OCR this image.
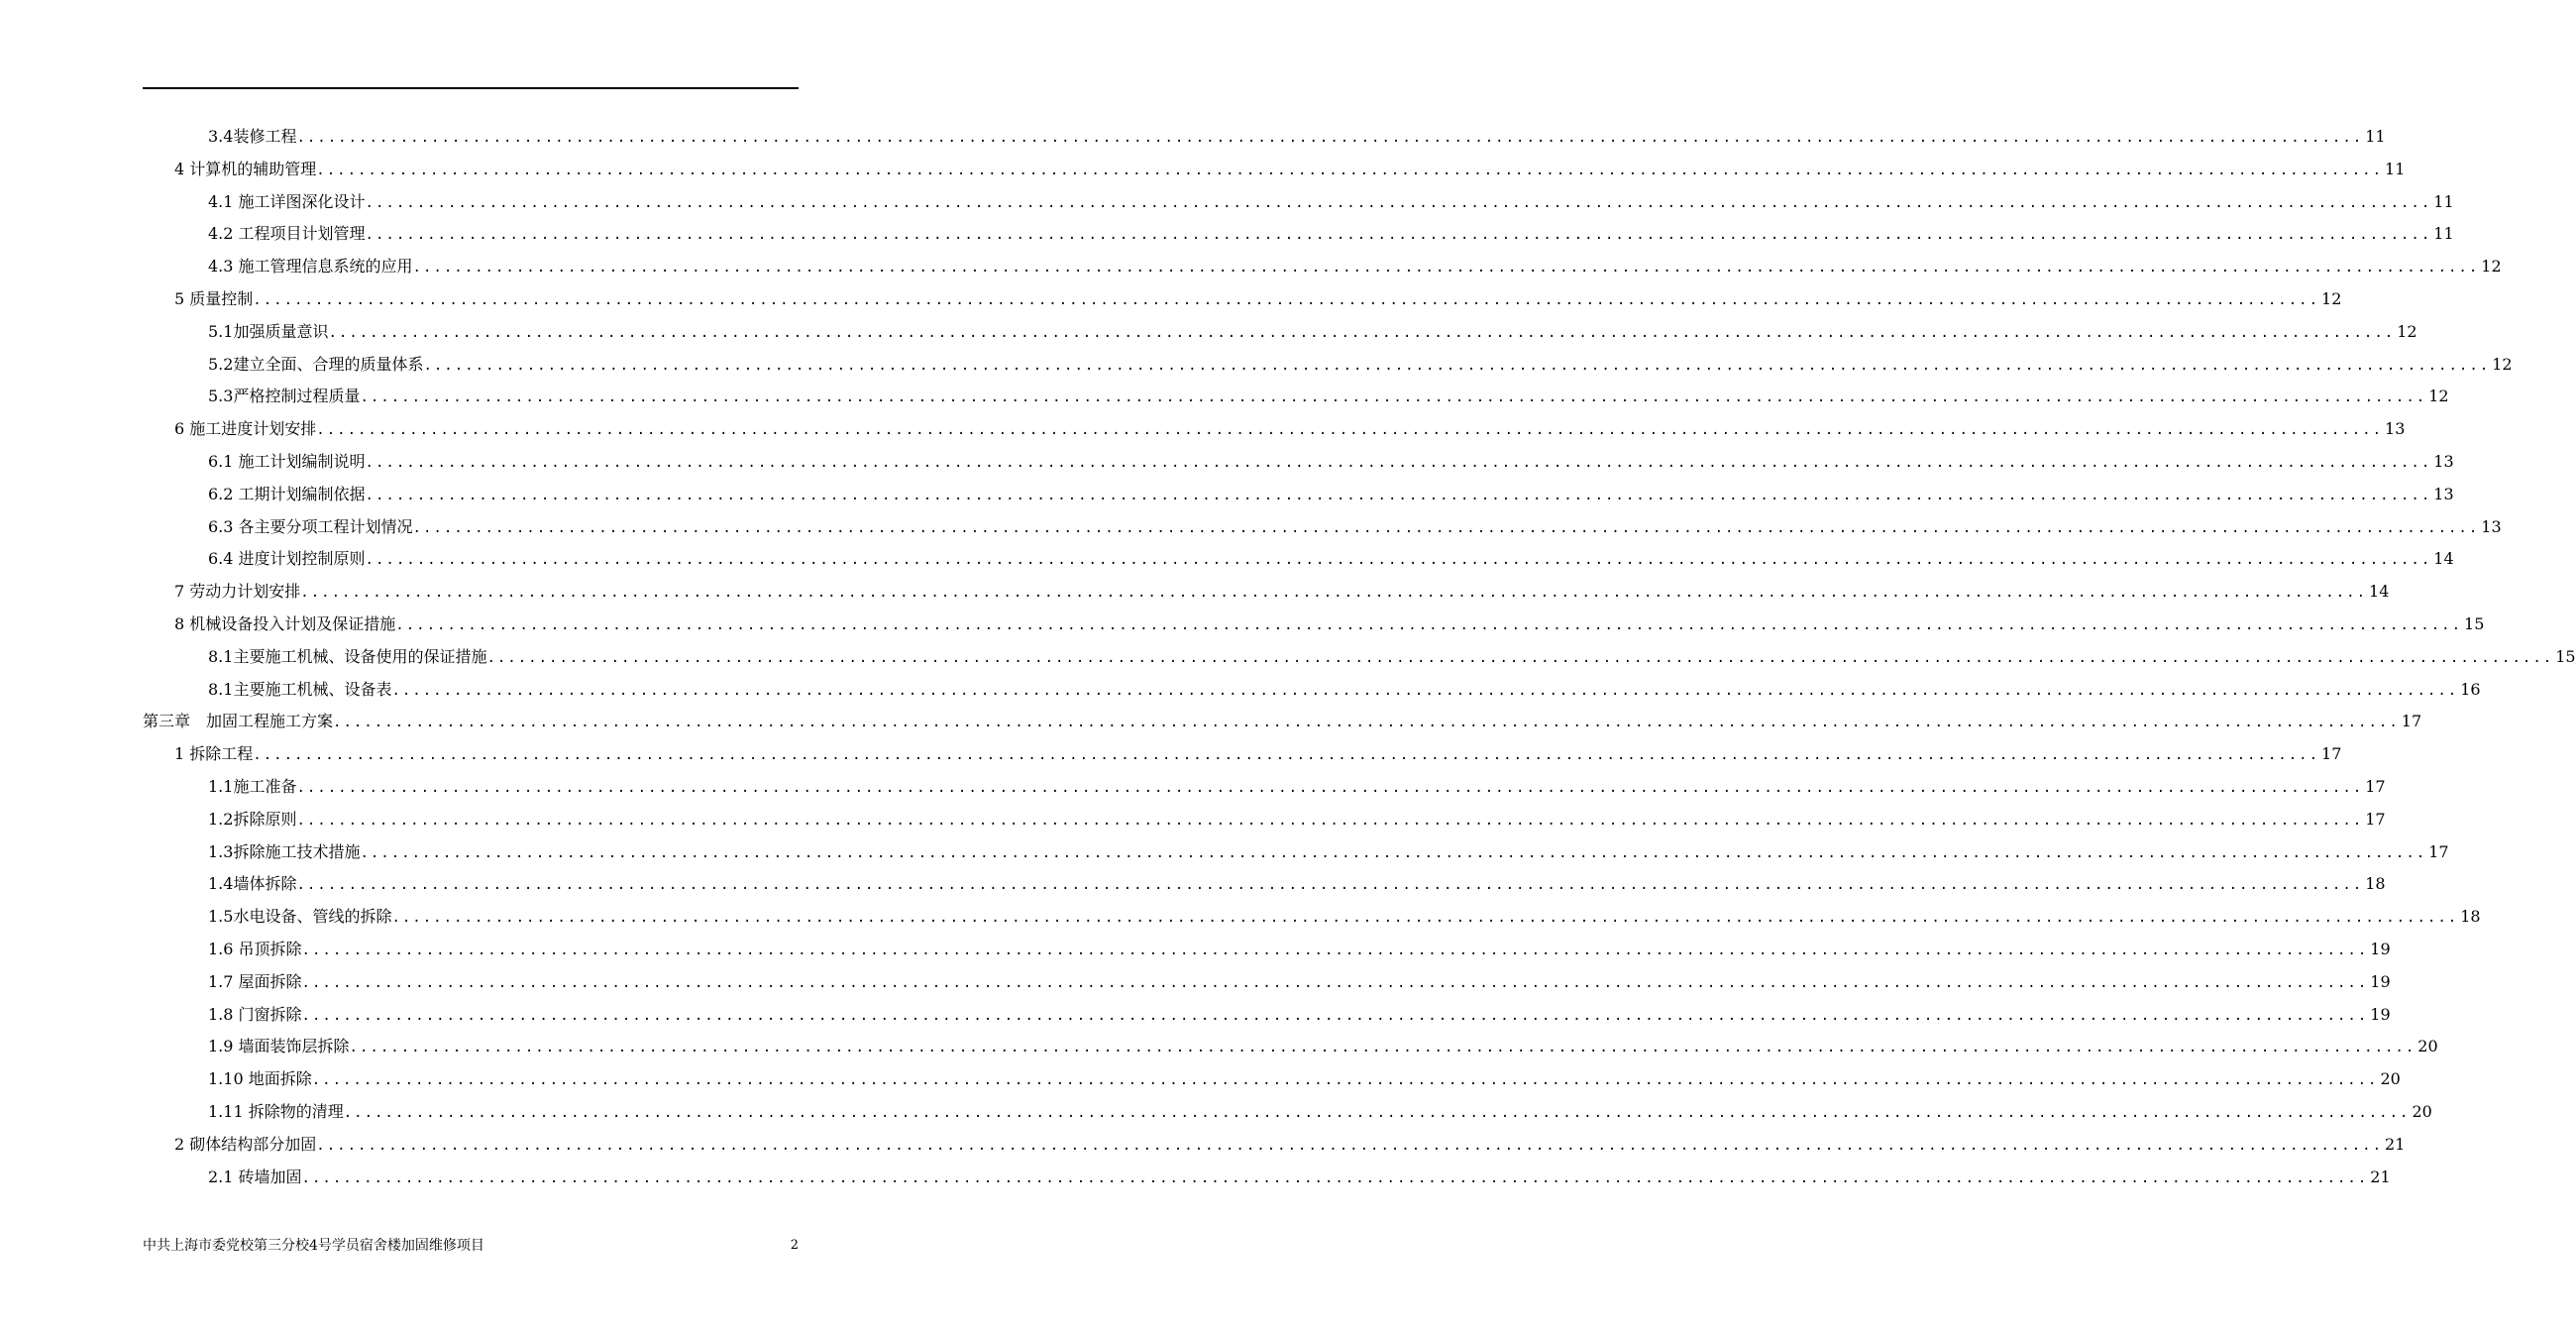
3.4装修工程 ........................................................................................................................................................................................................ 11
4 计算机的辅助管理 ........................................................................................................................................................................................................ 11
4.1 施工详图深化设计 ........................................................................................................................................................................................................ 11
4.2 工程项目计划管理 ........................................................................................................................................................................................................ 11
4.3 施工管理信息系统的应用 ........................................................................................................................................................................................................ 12
5 质量控制 ........................................................................................................................................................................................................ 12
5.1加强质量意识 ........................................................................................................................................................................................................ 12
5.2建立全面、合理的质量体系 ........................................................................................................................................................................................................ 12
5.3严格控制过程质量 ........................................................................................................................................................................................................ 12
6 施工进度计划安排 ........................................................................................................................................................................................................ 13
6.1 施工计划编制说明 ........................................................................................................................................................................................................ 13
6.2 工期计划编制依据 ........................................................................................................................................................................................................ 13
6.3 各主要分项工程计划情况 ........................................................................................................................................................................................................ 13
6.4 进度计划控制原则 ........................................................................................................................................................................................................ 14
7 劳动力计划安排 ........................................................................................................................................................................................................ 14
8 机械设备投入计划及保证措施 ........................................................................................................................................................................................................ 15
8.1主要施工机械、设备使用的保证措施 ........................................................................................................................................................................................................ 15
8.1主要施工机械、设备表 ........................................................................................................................................................................................................ 16
第三章　加固工程施工方案 ........................................................................................................................................................................................................ 17
1 拆除工程 ........................................................................................................................................................................................................ 17
1.1施工准备 ........................................................................................................................................................................................................ 17
1.2拆除原则 ........................................................................................................................................................................................................ 17
1.3拆除施工技术措施 ........................................................................................................................................................................................................ 17
1.4墙体拆除 ........................................................................................................................................................................................................ 18
1.5水电设备、管线的拆除 ........................................................................................................................................................................................................ 18
1.6 吊顶拆除 ........................................................................................................................................................................................................ 19
1.7 屋面拆除 ........................................................................................................................................................................................................ 19
1.8 门窗拆除 ........................................................................................................................................................................................................ 19
1.9 墙面装饰层拆除 ........................................................................................................................................................................................................ 20
1.10 地面拆除 ........................................................................................................................................................................................................ 20
1.11 拆除物的清理 ........................................................................................................................................................................................................ 20
2 砌体结构部分加固 ........................................................................................................................................................................................................ 21
2.1 砖墙加固 ........................................................................................................................................................................................................ 21
中共上海市委党校第三分校4号学员宿舍楼加固维修项目	2
